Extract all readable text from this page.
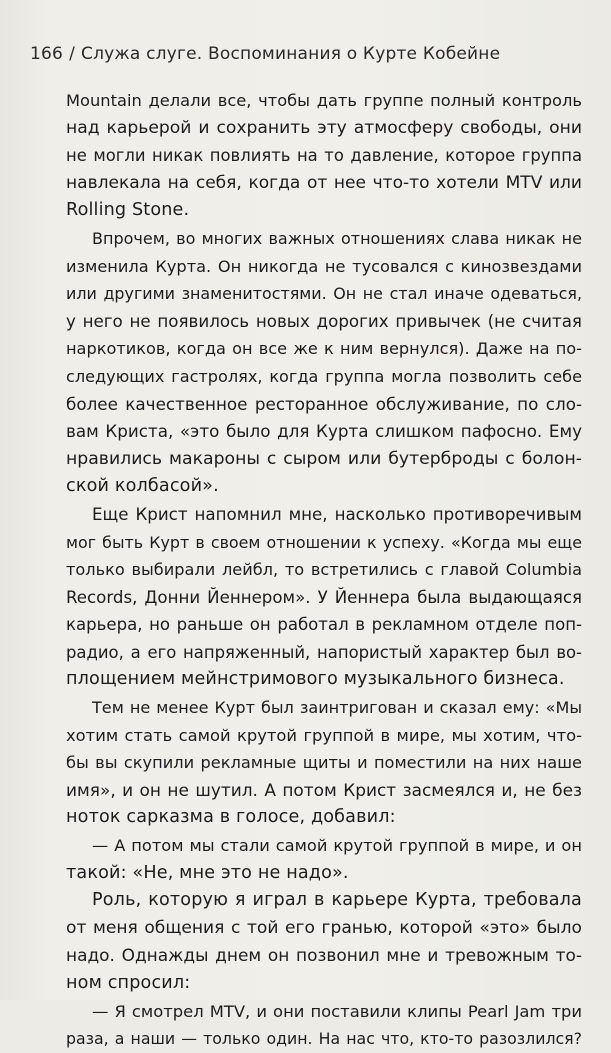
166 / Служа слуге. Воспоминания о Курте Кобейне
Mountain делали все, чтобы дать группе полный контроль
над карьерой и сохранить эту атмосферу свободы, они
не могли никак повлиять на то давление, которое группа
навлекала на себя, когда от нее что-то хотели MTV или
Rolling Stone.
Впрочем, во многих важных отношениях слава никак не
изменила Курта. Он никогда не тусовался с кинозвездами
или другими знаменитостями. Он не стал иначе одеваться,
у него не появилось новых дорогих привычек (не считая
наркотиков, когда он все же к ним вернулся). Даже на по-
следующих гастролях, когда группа могла позволить себе
более качественное ресторанное обслуживание, по сло-
вам Криста, «это было для Курта слишком пафосно. Ему
нравились макароны с сыром или бутерброды с болон-
ской колбасой».
Еще Крист напомнил мне, насколько противоречивым
мог быть Курт в своем отношении к успеху. «Когда мы еще
только выбирали лейбл, то встретились с главой Columbia
Records, Донни Йеннером». У Йеннера была выдающаяся
карьера, но раньше он работал в рекламном отделе поп-
радио, а его напряженный, напористый характер был во-
площением мейнстримового музыкального бизнеса.
Тем не менее Курт был заинтригован и сказал ему: «Мы
хотим стать самой крутой группой в мире, мы хотим, что-
бы вы скупили рекламные щиты и поместили на них наше
имя», и он не шутил. А потом Крист засмеялся и, не без
ноток сарказма в голосе, добавил:
— А потом мы стали самой крутой группой в мире, и он
такой: «Не, мне это не надо».
Роль, которую я играл в карьере Курта, требовала
от меня общения с той его гранью, которой «это» было
надо. Однажды днем он позвонил мне и тревожным то-
ном спросил:
— Я смотрел MTV, и они поставили клипы Pearl Jam три
раза, а наши — только один. На нас что, кто-то разозлился?
